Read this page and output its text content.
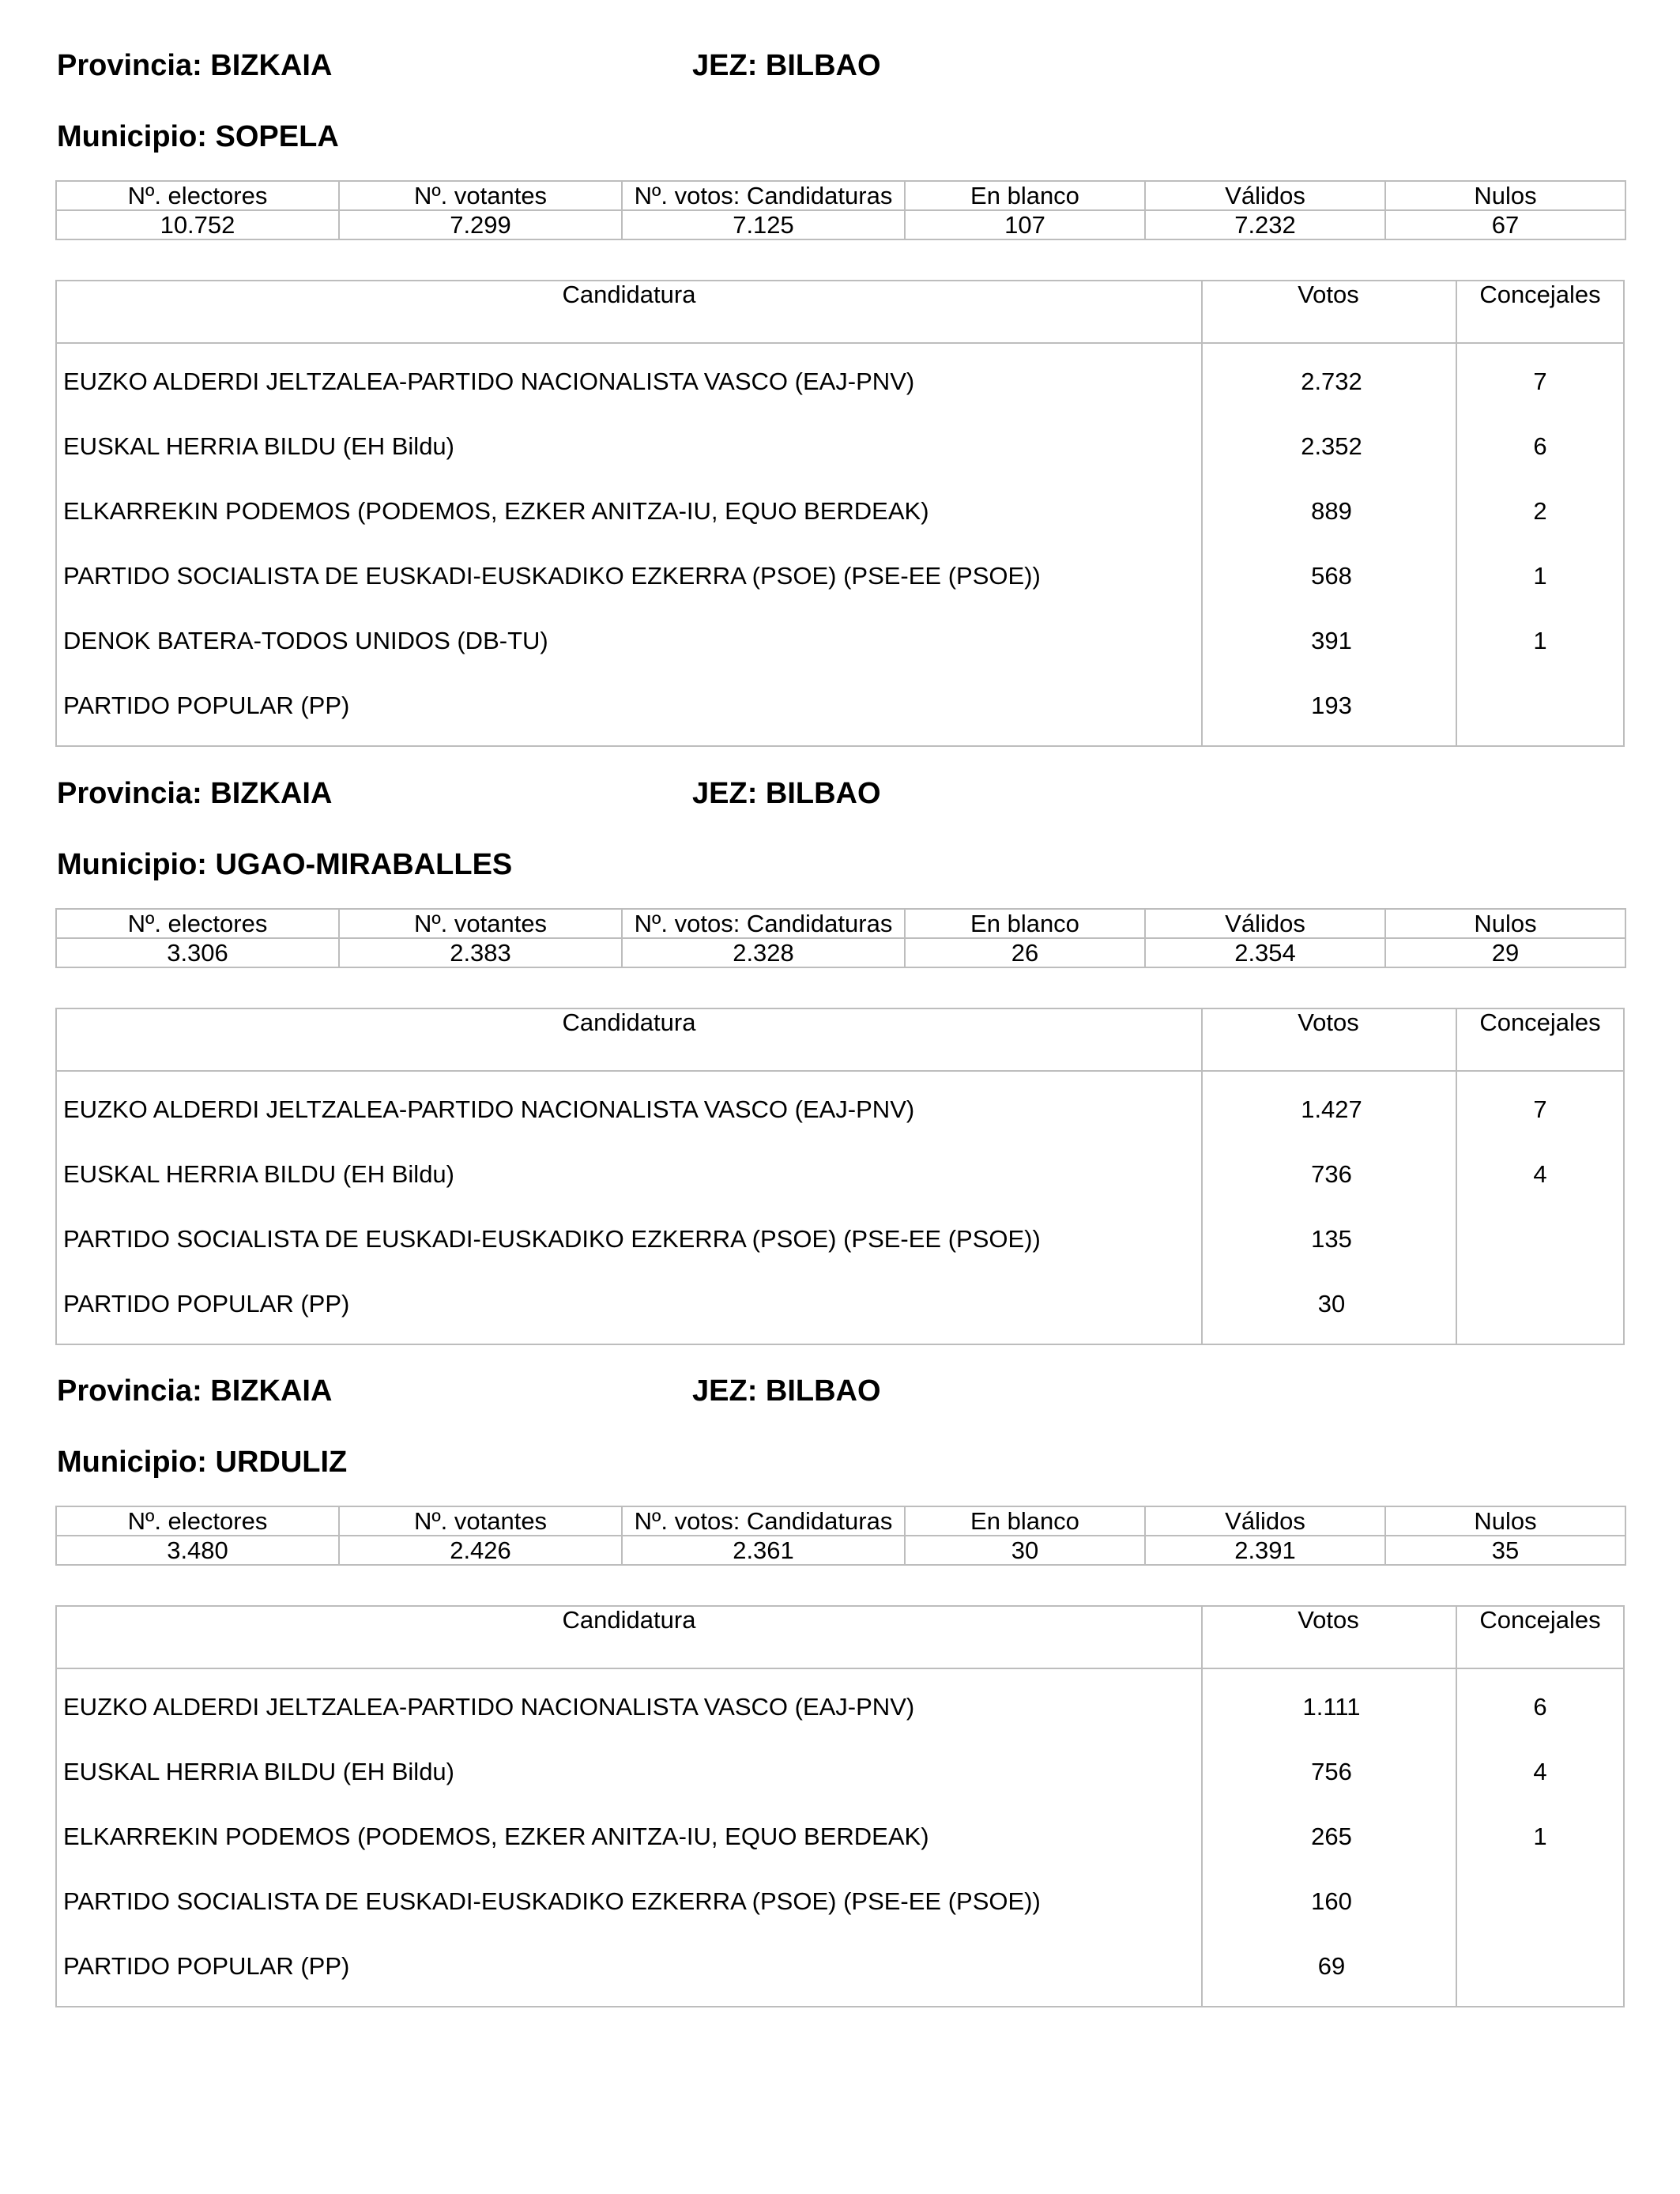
Provincia: BIZKAIA	JEZ: BILBAO
Municipio: SOPELA
Nº. electores	Nº. votantes	Nº. votos: Candidaturas	En blanco	Válidos	Nulos
10.752	7.299	7.125	107	7.232	67
Candidatura	Votos	Concejales
EUZKO ALDERDI JELTZALEA-PARTIDO NACIONALISTA VASCO (EAJ-PNV)	2.732	7
EUSKAL HERRIA BILDU (EH Bildu)	2.352	6
ELKARREKIN PODEMOS (PODEMOS, EZKER ANITZA-IU, EQUO BERDEAK)	889	2
PARTIDO SOCIALISTA DE EUSKADI-EUSKADIKO EZKERRA (PSOE) (PSE-EE (PSOE))	568	1
DENOK BATERA-TODOS UNIDOS (DB-TU)	391	1
PARTIDO POPULAR (PP)	193
Provincia: BIZKAIA	JEZ: BILBAO
Municipio: UGAO-MIRABALLES
Nº. electores	Nº. votantes	Nº. votos: Candidaturas	En blanco	Válidos	Nulos
3.306	2.383	2.328	26	2.354	29
Candidatura	Votos	Concejales
EUZKO ALDERDI JELTZALEA-PARTIDO NACIONALISTA VASCO (EAJ-PNV)	1.427	7
EUSKAL HERRIA BILDU (EH Bildu)	736	4
PARTIDO SOCIALISTA DE EUSKADI-EUSKADIKO EZKERRA (PSOE) (PSE-EE (PSOE))	135
PARTIDO POPULAR (PP)	30
Provincia: BIZKAIA	JEZ: BILBAO
Municipio: URDULIZ
Nº. electores	Nº. votantes	Nº. votos: Candidaturas	En blanco	Válidos	Nulos
3.480	2.426	2.361	30	2.391	35
Candidatura	Votos	Concejales
EUZKO ALDERDI JELTZALEA-PARTIDO NACIONALISTA VASCO (EAJ-PNV)	1.111	6
EUSKAL HERRIA BILDU (EH Bildu)	756	4
ELKARREKIN PODEMOS (PODEMOS, EZKER ANITZA-IU, EQUO BERDEAK)	265	1
PARTIDO SOCIALISTA DE EUSKADI-EUSKADIKO EZKERRA (PSOE) (PSE-EE (PSOE))	160
PARTIDO POPULAR (PP)	69
